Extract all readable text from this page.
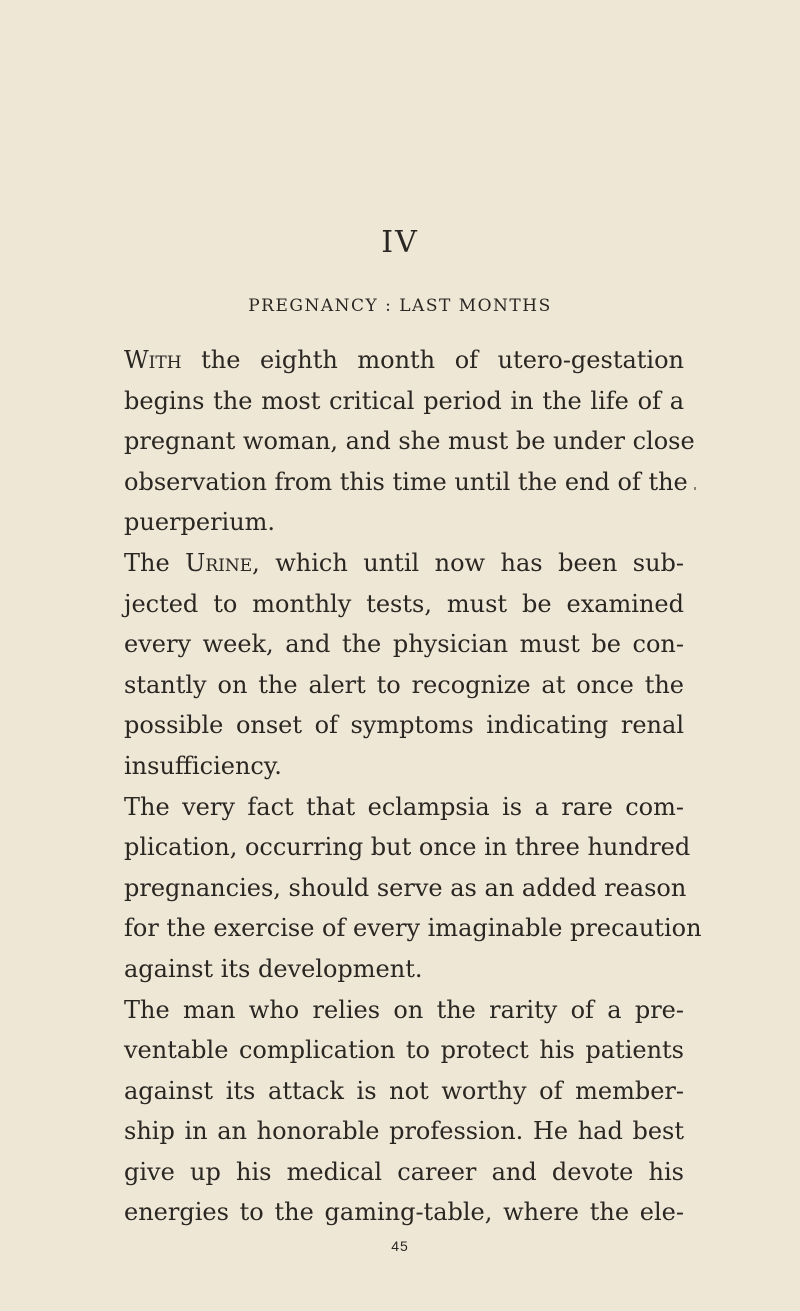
IV
PREGNANCY : LAST MONTHS
With the eighth month of utero-gestation
begins the most critical period in the life of a
pregnant woman, and she must be under close
observation from this time until the end of the
puerperium.
The Urine, which until now has been sub-
jected to monthly tests, must be examined
every week, and the physician must be con-
stantly on the alert to recognize at once the
possible onset of symptoms indicating renal
insufficiency.
The very fact that eclampsia is a rare com-
plication, occurring but once in three hundred
pregnancies, should serve as an added reason
for the exercise of every imaginable precaution
against its development.
The man who relies on the rarity of a pre-
ventable complication to protect his patients
against its attack is not worthy of member-
ship in an honorable profession. He had best
give up his medical career and devote his
energies to the gaming-table, where the ele-
45
